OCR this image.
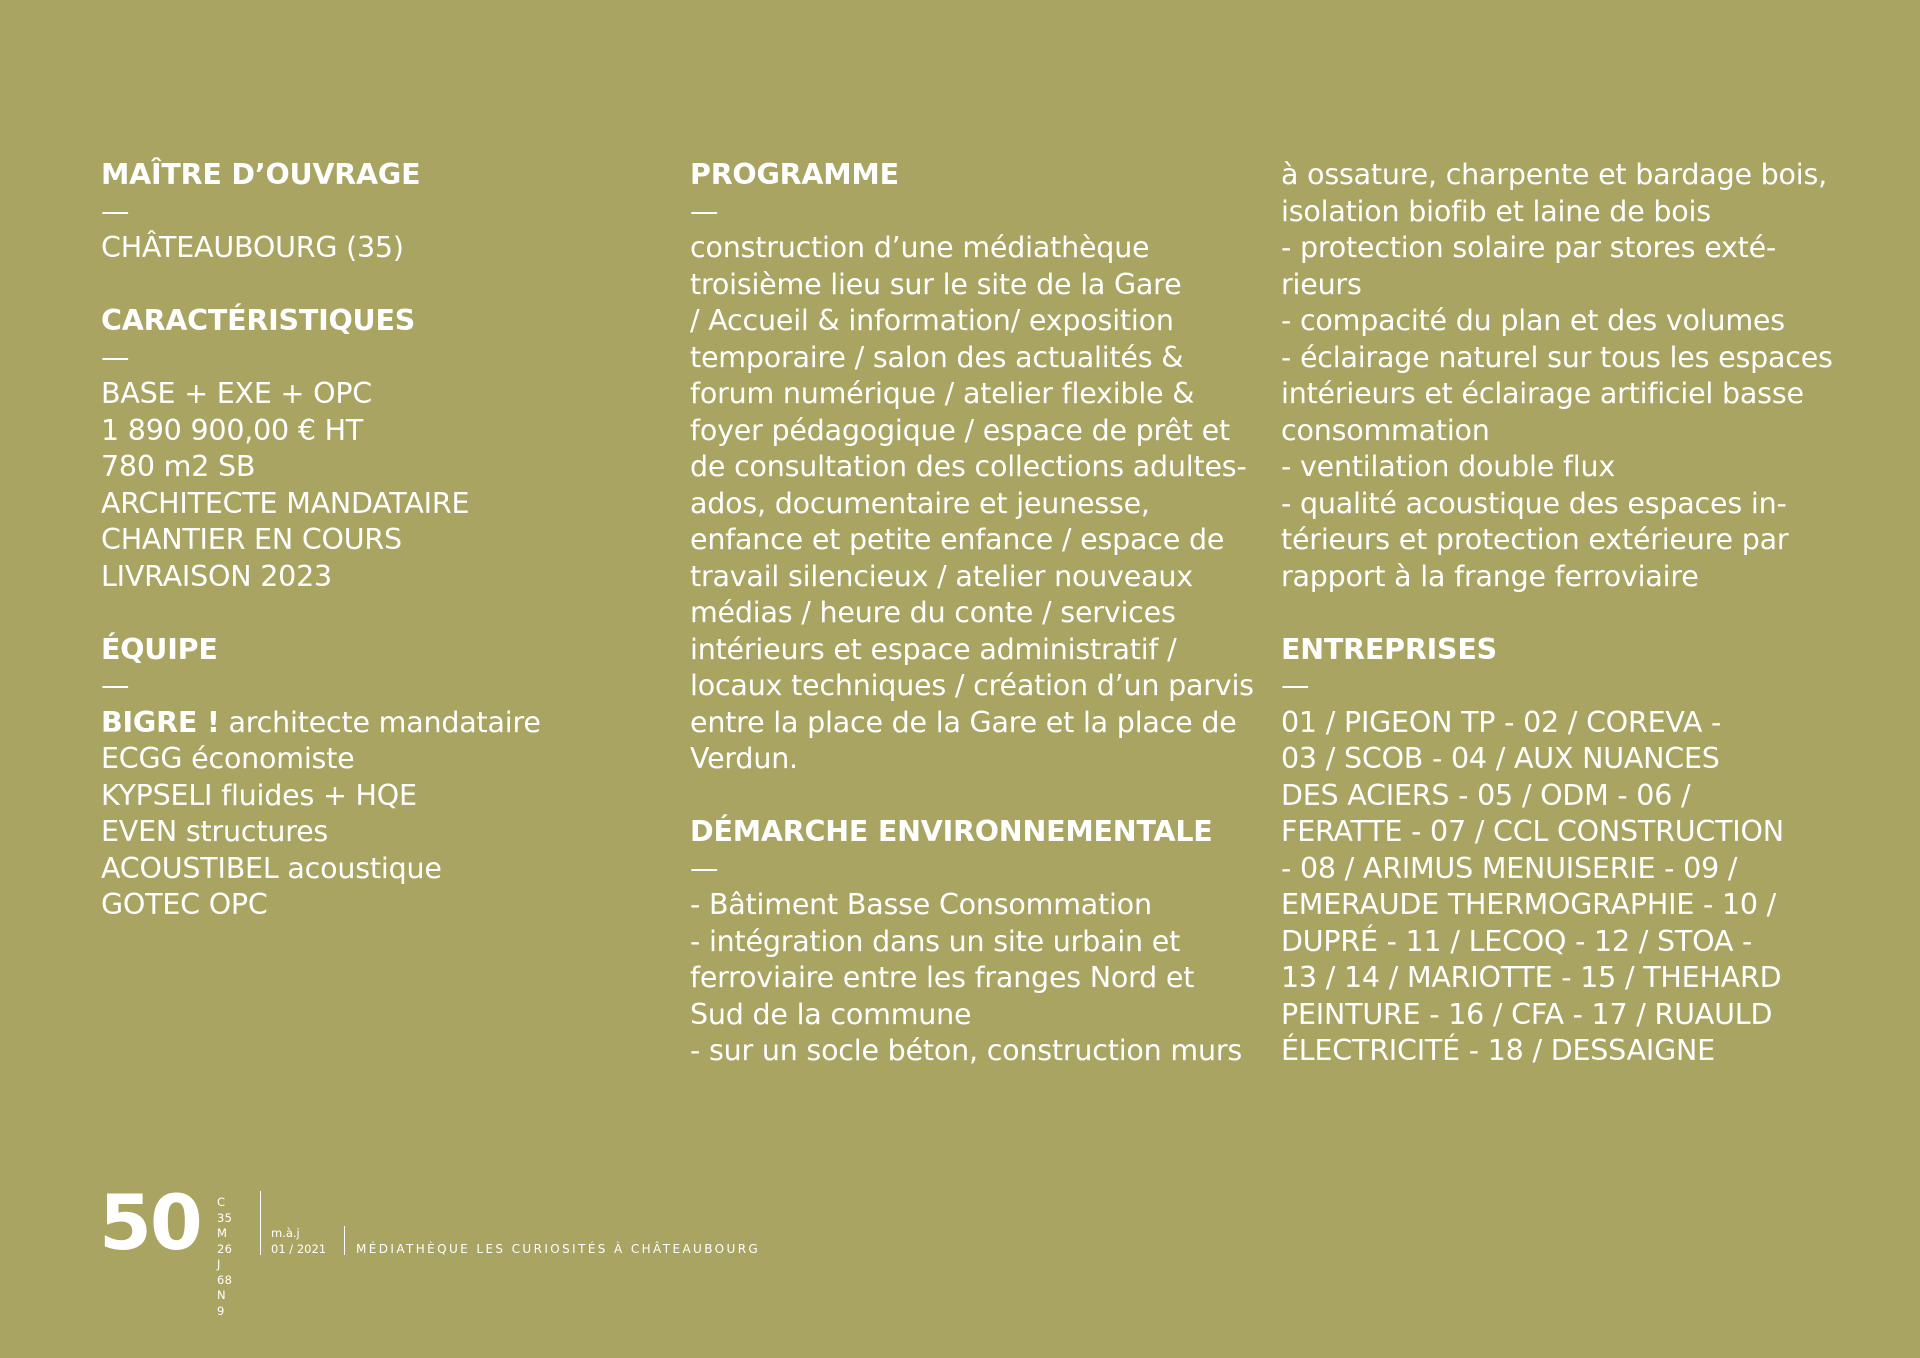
MAÎTRE D’OUVRAGE

—

CHÂTEAUBOURG (35)

CARACTÉRISTIQUES

—

BASE + EXE + OPC

1 890 900,00 € HT

780 m2 SB

ARCHITECTE MANDATAIRE

CHANTIER EN COURS

LIVRAISON 2023

ÉQUIPE

—

BIGRE ! architecte mandataire

ECGG économiste

KYPSELI fluides + HQE

EVEN structures

ACOUSTIBEL acoustique

GOTEC OPC

PROGRAMME

—

construction d’une médiathèque

troisième lieu sur le site de la Gare

/ Accueil & information/ exposition

temporaire / salon des actualités &

forum numérique / atelier flexible &

foyer pédagogique / espace de prêt et

de consultation des collections adultes-

ados, documentaire et jeunesse,

enfance et petite enfance / espace de

travail silencieux / atelier nouveaux

médias / heure du conte / services

intérieurs et espace administratif /

locaux techniques / création d’un parvis

entre la place de la Gare et la place de

Verdun.

DÉMARCHE ENVIRONNEMENTALE

—

- Bâtiment Basse Consommation

- intégration dans un site urbain et

ferroviaire entre les franges Nord et

Sud de la commune

- sur un socle béton, construction murs

à ossature, charpente et bardage bois,

isolation biofib et laine de bois

- protection solaire par stores exté-

rieurs

- compacité du plan et des volumes

- éclairage naturel sur tous les espaces

intérieurs et éclairage artificiel basse

consommation

- ventilation double flux

- qualité acoustique des espaces in-

térieurs et protection extérieure par

rapport à la frange ferroviaire

ENTREPRISES

—

01 / PIGEON TP - 02 / COREVA -

03 / SCOB - 04 / AUX NUANCES

DES ACIERS - 05 / ODM - 06 /

FERATTE - 07 / CCL CONSTRUCTION

- 08 / ARIMUS MENUISERIE - 09 /

EMERAUDE THERMOGRAPHIE - 10 /

DUPRÉ - 11 / LECOQ - 12 / STOA -

13 / 14 / MARIOTTE - 15 / THEHARD

PEINTURE - 16 / CFA - 17 / RUAULD

ÉLECTRICITÉ - 18 / DESSAIGNE

50 C 35
M 26
J 68
N 9
m.à.j
01 / 2021 MÉDIATHÈQUE LES CURIOSITÉS À CHÂTEAUBOURG
